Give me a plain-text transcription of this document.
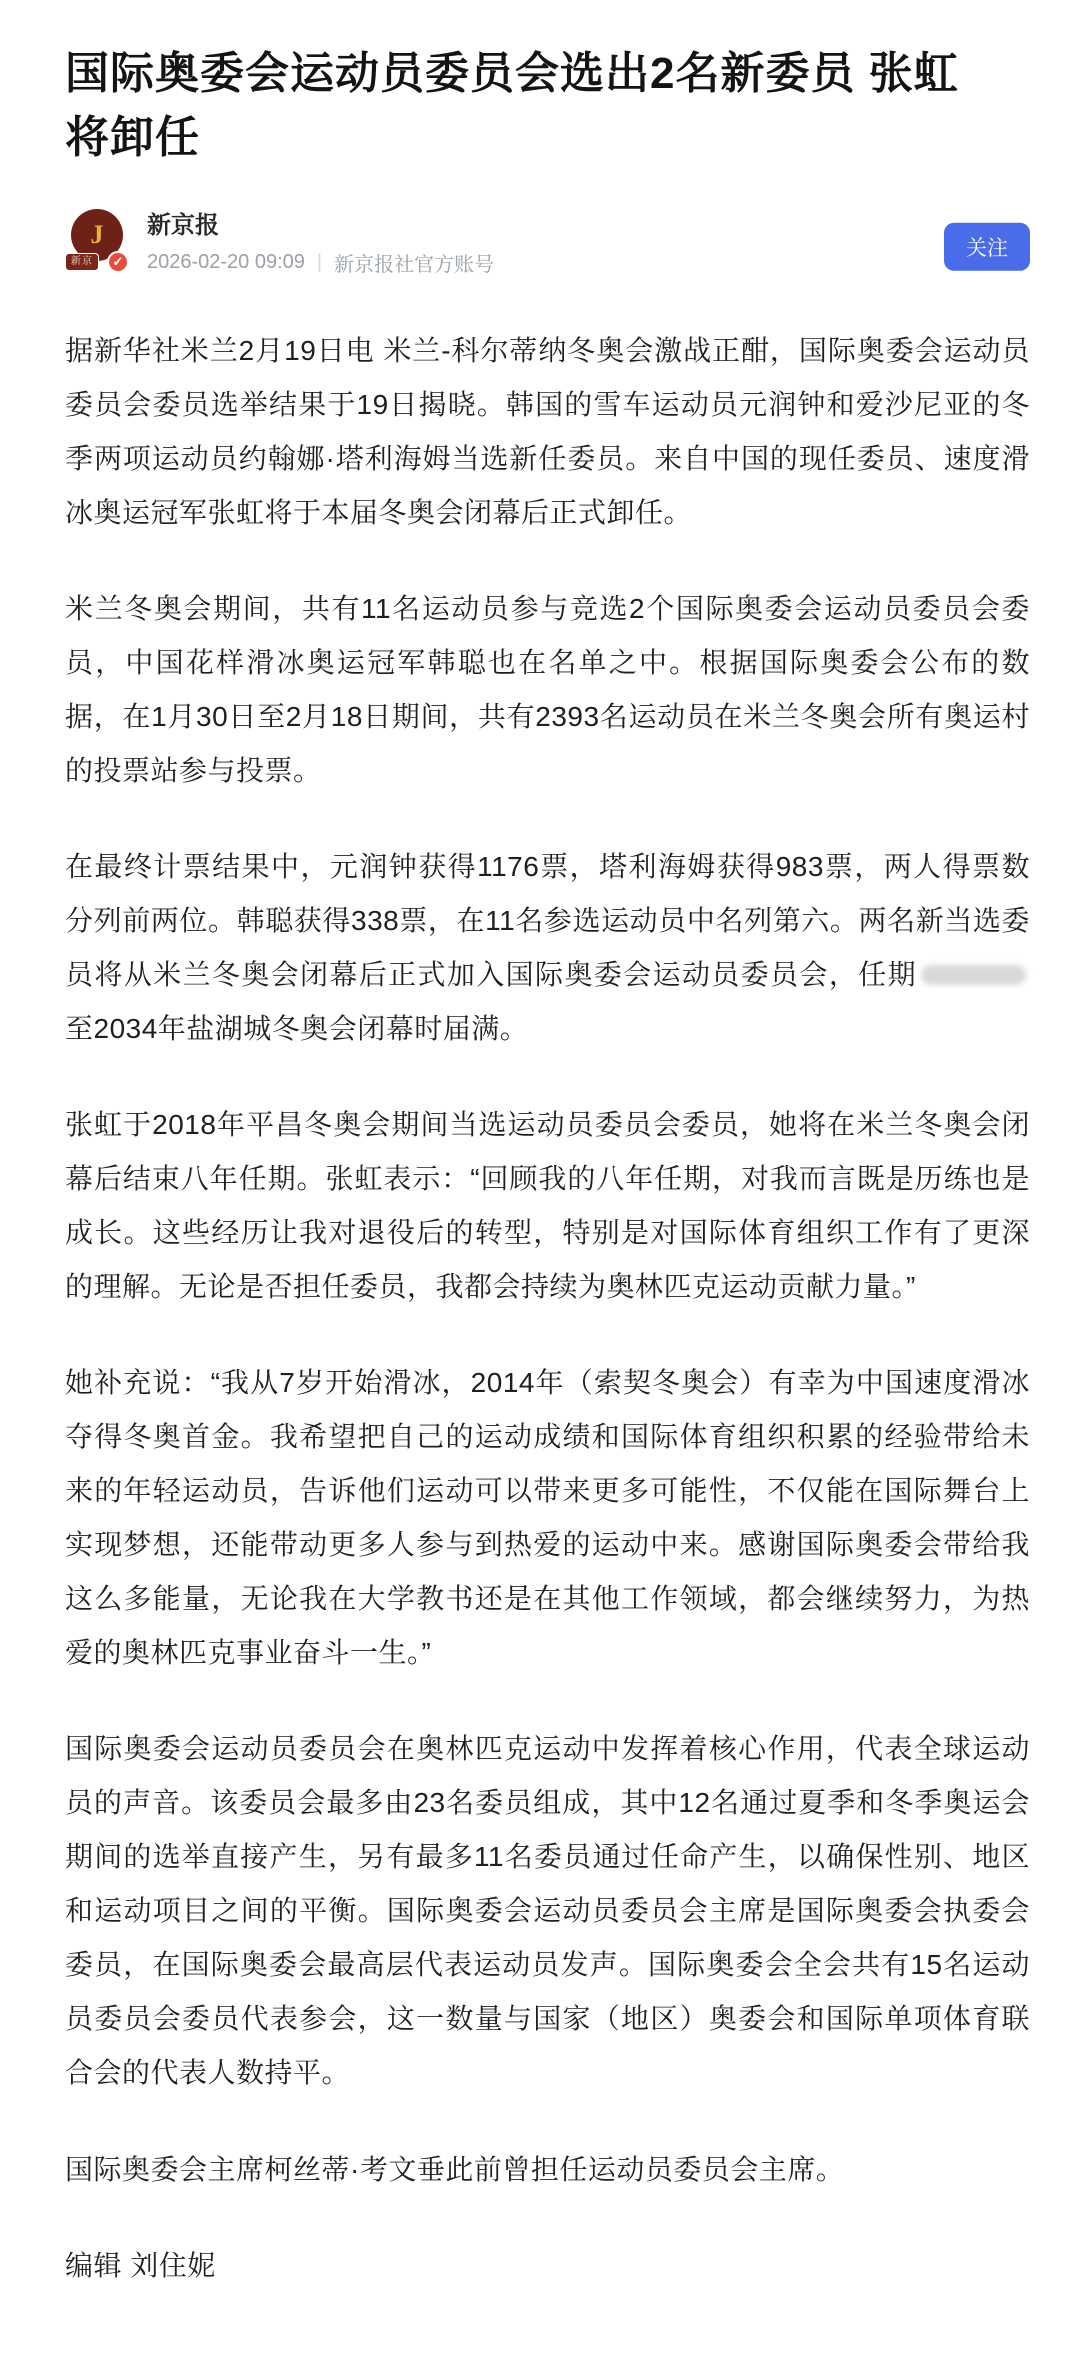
国际奥委会运动员委员会选出2名新委员 张虹将卸任
J
新京	✓
新京报
2026-02-20 09:09 | 新京报社官方账号
关注

据新华社米兰2月19日电 米兰-科尔蒂纳冬奥会激战正酣，国际奥委会运动员委员会委员选举结果于19日揭晓。韩国的雪车运动员元润钟和爱沙尼亚的冬季两项运动员约翰娜·塔利海姆当选新任委员。来自中国的现任委员、速度滑冰奥运冠军张虹将于本届冬奥会闭幕后正式卸任。

米兰冬奥会期间，共有11名运动员参与竞选2个国际奥委会运动员委员会委员，中国花样滑冰奥运冠军韩聪也在名单之中。根据国际奥委会公布的数据，在1月30日至2月18日期间，共有2393名运动员在米兰冬奥会所有奥运村的投票站参与投票。

在最终计票结果中，元润钟获得1176票，塔利海姆获得983票，两人得票数分列前两位。韩聪获得338票，在11名参选运动员中名列第六。两名新当选委员将从米兰冬奥会闭幕后正式加入国际奥委会运动员委员会，任期至2034年盐湖城冬奥会闭幕时届满。

张虹于2018年平昌冬奥会期间当选运动员委员会委员，她将在米兰冬奥会闭幕后结束八年任期。张虹表示：“回顾我的八年任期，对我而言既是历练也是成长。这些经历让我对退役后的转型，特别是对国际体育组织工作有了更深的理解。无论是否担任委员，我都会持续为奥林匹克运动贡献力量。”

她补充说：“我从7岁开始滑冰，2014年（索契冬奥会）有幸为中国速度滑冰夺得冬奥首金。我希望把自己的运动成绩和国际体育组织积累的经验带给未来的年轻运动员，告诉他们运动可以带来更多可能性，不仅能在国际舞台上实现梦想，还能带动更多人参与到热爱的运动中来。感谢国际奥委会带给我这么多能量，无论我在大学教书还是在其他工作领域，都会继续努力，为热爱的奥林匹克事业奋斗一生。”

国际奥委会运动员委员会在奥林匹克运动中发挥着核心作用，代表全球运动员的声音。该委员会最多由23名委员组成，其中12名通过夏季和冬季奥运会期间的选举直接产生，另有最多11名委员通过任命产生，以确保性别、地区和运动项目之间的平衡。国际奥委会运动员委员会主席是国际奥委会执委会委员，在国际奥委会最高层代表运动员发声。国际奥委会全会共有15名运动员委员会委员代表参会，这一数量与国家（地区）奥委会和国际单项体育联合会的代表人数持平。

国际奥委会主席柯丝蒂·考文垂此前曾担任运动员委员会主席。

编辑 刘住妮
